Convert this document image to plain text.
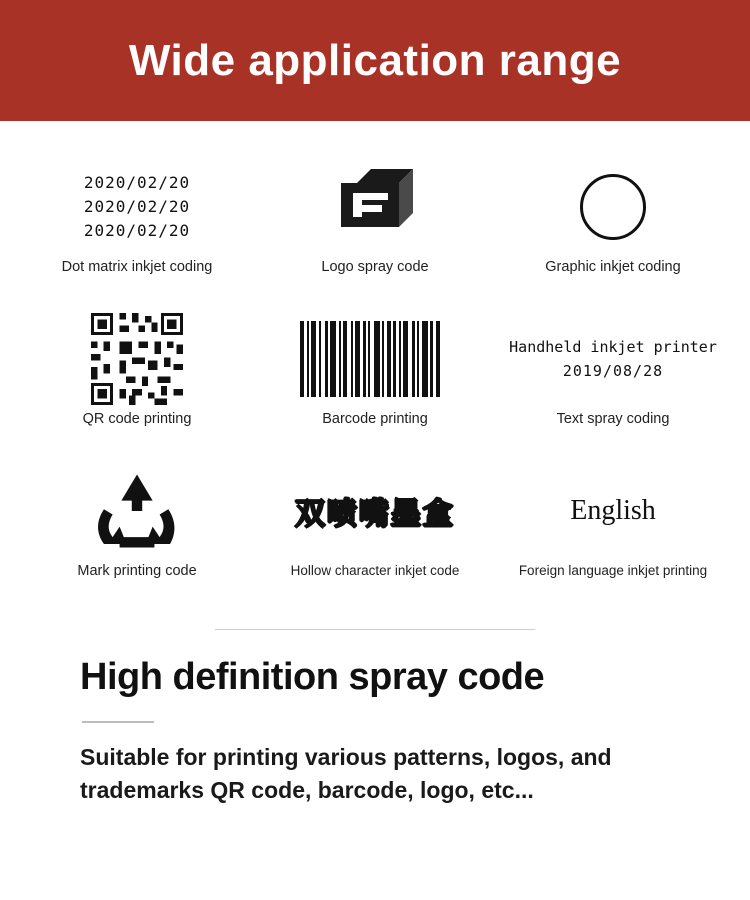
Wide application range
2020/02/20
2020/02/20
2020/02/20
Dot matrix inkjet coding	Logo spray code	Graphic inkjet coding
QR code printing	Barcode printing
Handheld inkjet printer
2019/08/28
Text spray coding
Mark printing code
双喷嘴墨盒
Hollow character inkjet code
English
Foreign language inkjet printing
High definition spray code
Suitable for printing various patterns, logos, and trademarks QR code, barcode, logo, etc...
